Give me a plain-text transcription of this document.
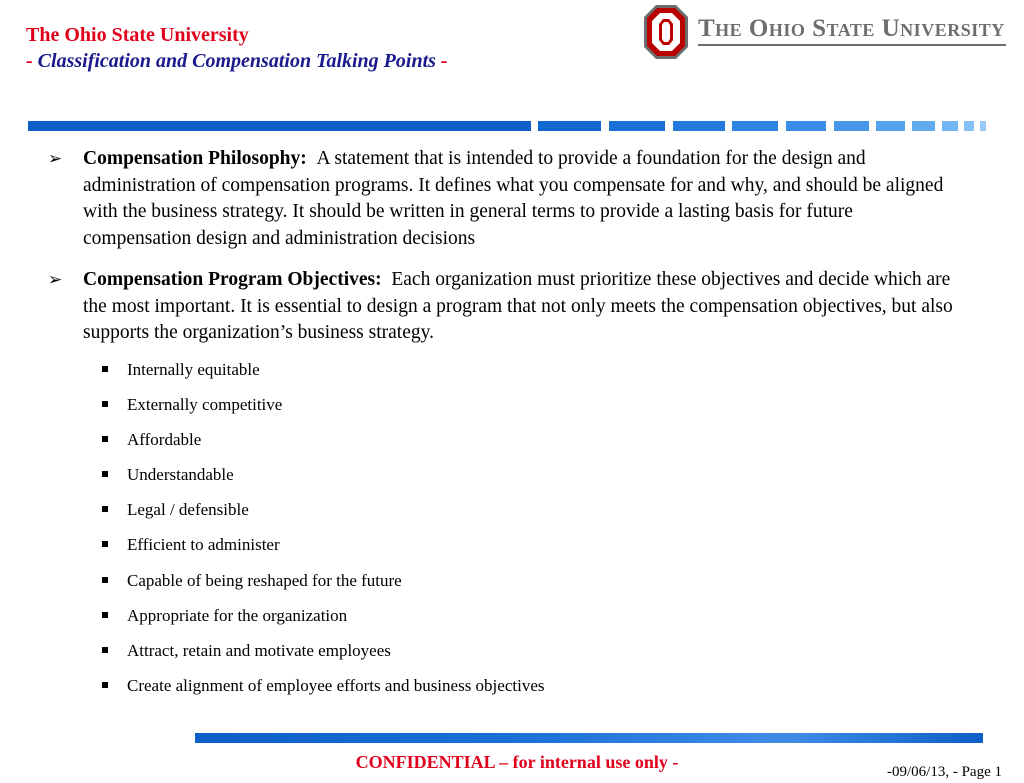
The Ohio State University
- Classification and Compensation Talking Points -
The Ohio State University
➢ Compensation Philosophy: A statement that is intended to provide a foundation for the design and administration of compensation programs. It defines what you compensate for and why, and should be aligned with the business strategy. It should be written in general terms to provide a lasting basis for future compensation design and administration decisions
➢ Compensation Program Objectives: Each organization must prioritize these objectives and decide which are the most important. It is essential to design a program that not only meets the compensation objectives, but also supports the organization’s business strategy.
Internally equitable
Externally competitive
Affordable
Understandable
Legal / defensible
Efficient to administer
Capable of being reshaped for the future
Appropriate for the organization
Attract, retain and motivate employees
Create alignment of employee efforts and business objectives
CONFIDENTIAL – for internal use only -	-09/06/13, - Page 1
